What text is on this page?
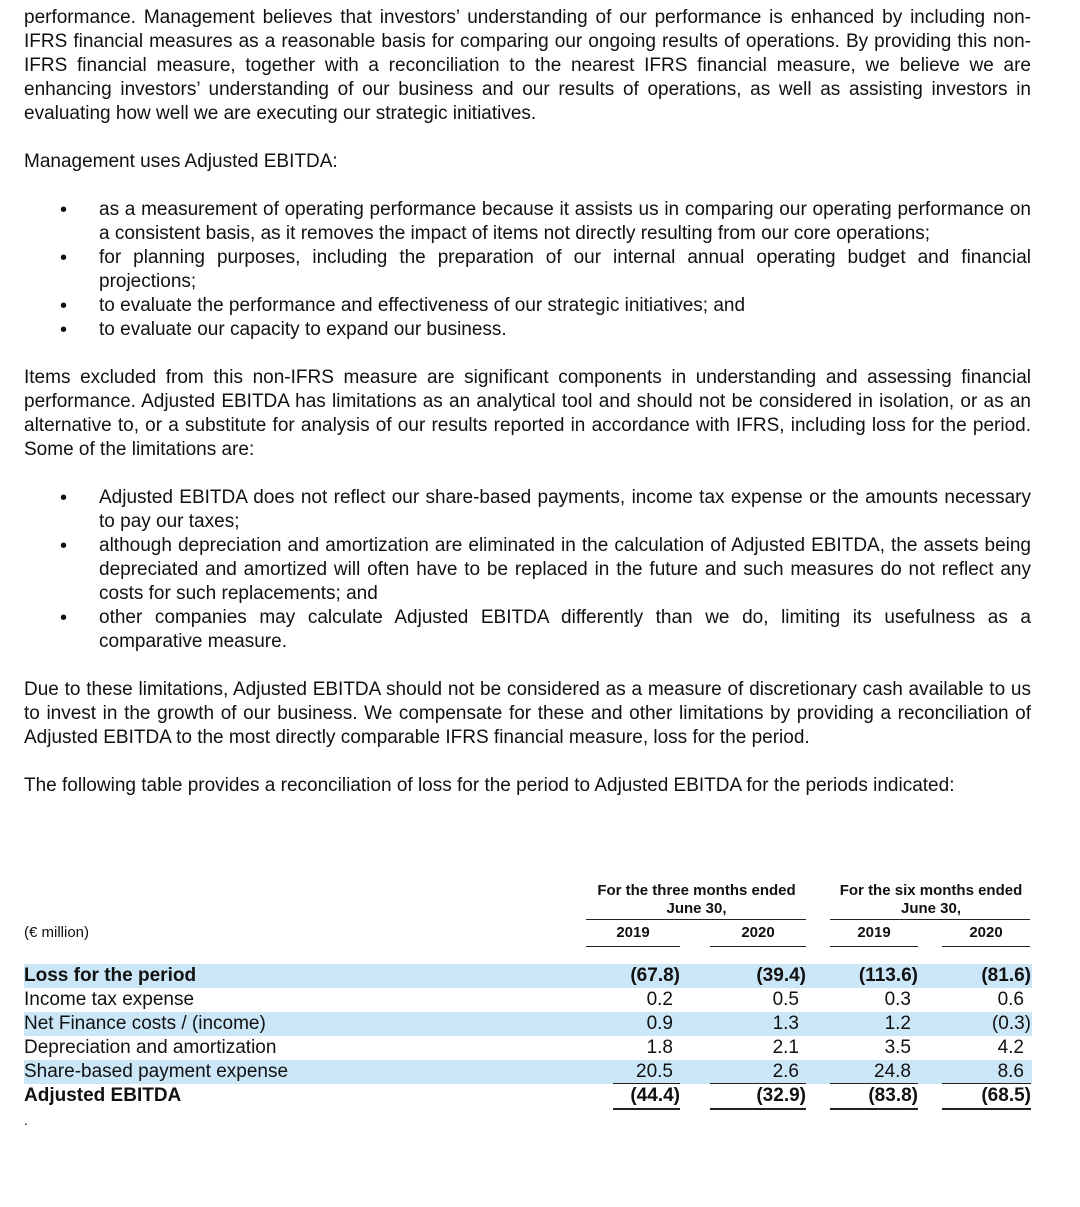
performance. Management believes that investors’ understanding of our performance is enhanced by including non-IFRS financial measures as a reasonable basis for comparing our ongoing results of operations. By providing this non-IFRS financial measure, together with a reconciliation to the nearest IFRS financial measure, we believe we are enhancing investors’ understanding of our business and our results of operations, as well as assisting investors in evaluating how well we are executing our strategic initiatives.

Management uses Adjusted EBITDA:

• as a measurement of operating performance because it assists us in comparing our operating performance on a consistent basis, as it removes the impact of items not directly resulting from our core operations;
• for planning purposes, including the preparation of our internal annual operating budget and financial projections;
• to evaluate the performance and effectiveness of our strategic initiatives; and
• to evaluate our capacity to expand our business.

Items excluded from this non-IFRS measure are significant components in understanding and assessing financial performance. Adjusted EBITDA has limitations as an analytical tool and should not be considered in isolation, or as an alternative to, or a substitute for analysis of our results reported in accordance with IFRS, including loss for the period. Some of the limitations are:

• Adjusted EBITDA does not reflect our share-based payments, income tax expense or the amounts necessary to pay our taxes;
• although depreciation and amortization are eliminated in the calculation of Adjusted EBITDA, the assets being depreciated and amortized will often have to be replaced in the future and such measures do not reflect any costs for such replacements; and
• other companies may calculate Adjusted EBITDA differently than we do, limiting its usefulness as a comparative measure.

Due to these limitations, Adjusted EBITDA should not be considered as a measure of discretionary cash available to us to invest in the growth of our business. We compensate for these and other limitations by providing a reconciliation of Adjusted EBITDA to the most directly comparable IFRS financial measure, loss for the period.

The following table provides a reconciliation of loss for the period to Adjusted EBITDA for the periods indicated:

For the three months ended June 30,
For the six months ended June 30,
(€ million)	2019	2020	2019	2020
Loss for the period	(67.8)	(39.4)	(113.6)	(81.6)
Income tax expense	0.2	0.5	0.3	0.6
Net Finance costs / (income)	0.9	1.3	1.2	(0.3)
Depreciation and amortization	1.8	2.1	3.5	4.2
Share-based payment expense	20.5	2.6	24.8	8.6
Adjusted EBITDA	(44.4)	(32.9)	(83.8)	(68.5)
.
